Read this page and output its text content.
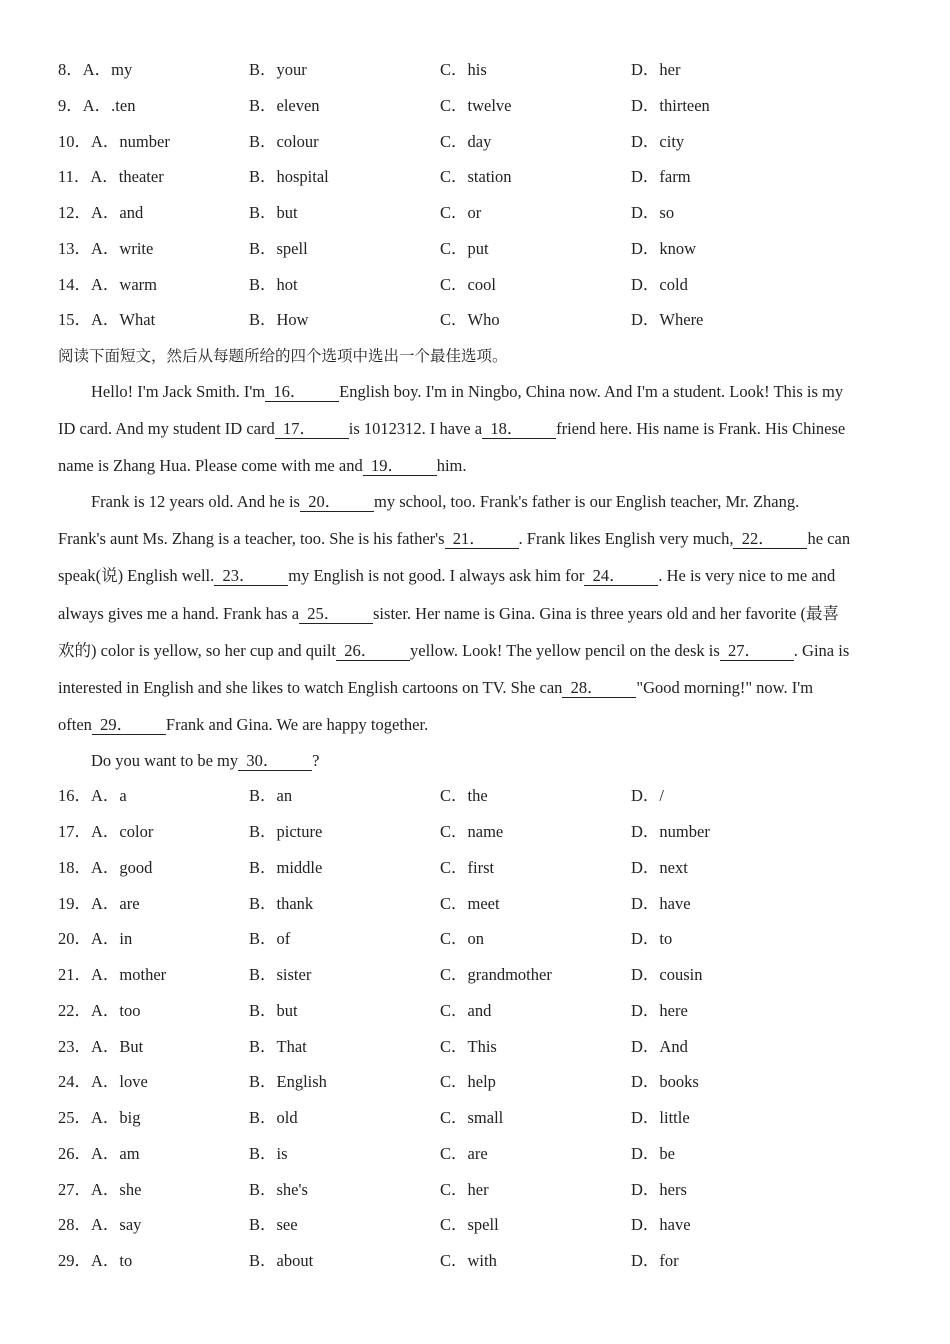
8．A．my	B．your	C．his	D．her
9．A．.ten	B．eleven	C．twelve	D．thirteen
10．A．number	B．colour	C．day	D．city
11．A．theater	B．hospital	C．station	D．farm
12．A．and	B．but	C．or	D．so
13．A．write	B．spell	C．put	D．know
14．A．warm	B．hot	C．cool	D．cold
15．A．What	B．How	C．Who	D．Where
阅读下面短文，然后从每题所给的四个选项中选出一个最佳选项。
Hello! I'm Jack Smith. I'm 16． English boy. I'm in Ningbo, China now. And I'm a student. Look! This is my
ID card. And my student ID card 17． is 1012312. I have a 18． friend here. His name is Frank. His Chinese
name is Zhang Hua. Please come with me and 19． him.
Frank is 12 years old. And he is 20． my school, too. Frank's father is our English teacher, Mr. Zhang.
Frank's aunt Ms. Zhang is a teacher, too. She is his father's 21． . Frank likes English very much, 22． he can
speak(说) English well. 23． my English is not good. I always ask him for 24． . He is very nice to me and
always gives me a hand. Frank has a 25． sister. Her name is Gina. Gina is three years old and her favorite (最喜
欢的) color is yellow, so her cup and quilt 26． yellow. Look! The yellow pencil on the desk is 27． . Gina is
interested in English and she likes to watch English cartoons on TV. She can 28． "Good morning!" now. I'm
often 29． Frank and Gina. We are happy together.
Do you want to be my 30． ?
16．A．a	B．an	C．the	D．/
17．A．color	B．picture	C．name	D．number
18．A．good	B．middle	C．first	D．next
19．A．are	B．thank	C．meet	D．have
20．A．in	B．of	C．on	D．to
21．A．mother	B．sister	C．grandmother	D．cousin
22．A．too	B．but	C．and	D．here
23．A．But	B．That	C．This	D．And
24．A．love	B．English	C．help	D．books
25．A．big	B．old	C．small	D．little
26．A．am	B．is	C．are	D．be
27．A．she	B．she's	C．her	D．hers
28．A．say	B．see	C．spell	D．have
29．A．to	B．about	C．with	D．for
